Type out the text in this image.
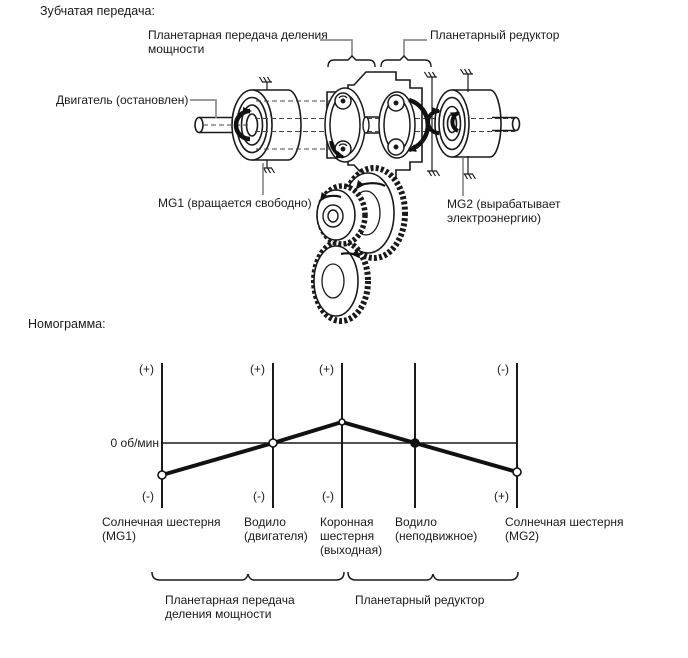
Зубчатая передача:
Планетарная передача деления
мощности
Планетарный редуктор
Двигатель (остановлен)
MG1 (вращается свободно)	MG2 (вырабатывает
электроэнергию)
Номограмма:
0 об/мин
(+)
(-)
Солнечная шестерня
(MG1)
(+)
(-)
Водило
(двигателя)
(+)
(-)
Коронная
шестерня
(выходная)
Водило
(неподвижное)
(-)
(+)
Солнечная шестерня
(MG2)
Планетарная передача
деления мощности
Планетарный редуктор
